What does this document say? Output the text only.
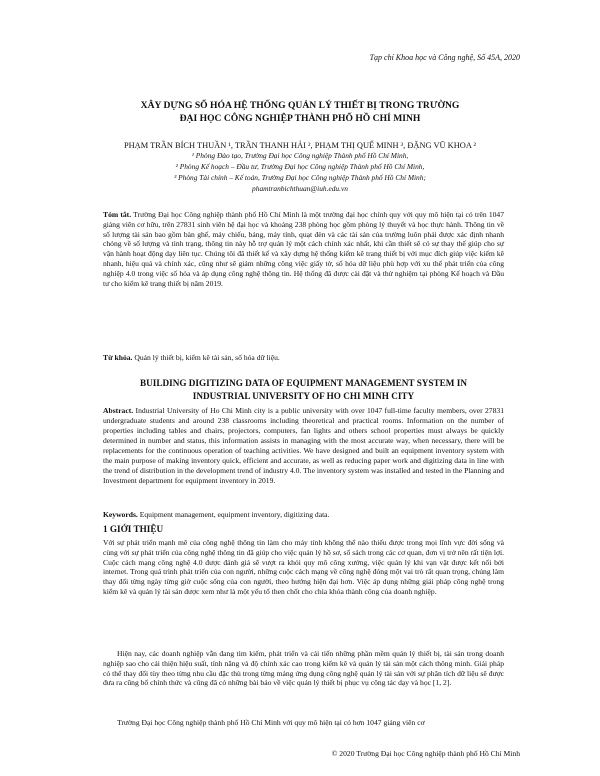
Tạp chí Khoa học và Công nghệ, Số 45A, 2020
XÂY DỰNG SỐ HÓA HỆ THỐNG QUẢN LÝ THIẾT BỊ TRONG TRƯỜNG
ĐẠI HỌC CÔNG NGHIỆP THÀNH PHỐ HỒ CHÍ MINH
PHẠM TRẦN BÍCH THUẦN ¹, TRẦN THANH HẢI ², PHẠM THỊ QUẾ MINH ³, ĐẶNG VŨ KHOA ²
¹ Phòng Đào tạo, Trường Đại học Công nghiệp Thành phố Hồ Chí Minh,
² Phòng Kế hoạch – Đầu tư, Trường Đại học Công nghiệp Thành phố Hồ Chí Minh,
³ Phòng Tài chính – Kế toán, Trường Đại học Công nghiệp Thành phố Hồ Chí Minh;
phamtranbichthuan@iuh.edu.vn
Tóm tắt. Trường Đại học Công nghiệp thành phố Hồ Chí Minh là một trường đại học chính quy với quy mô hiện tại có trên 1047 giảng viên cơ hữu, trên 27831 sinh viên hệ đại học và khoảng 238 phòng học gồm phòng lý thuyết và học thực hành. Thông tin về số lượng tài sản bao gồm bàn ghế, máy chiếu, bảng, máy tính, quạt đèn và các tài sản của trường luôn phải được xác định nhanh chóng về số lượng và tình trạng, thông tin này hỗ trợ quản lý một cách chính xác nhất, khi cần thiết sẽ có sự thay thế giúp cho sự vận hành hoạt động dạy liên tục. Chúng tôi đã thiết kế và xây dựng hệ thống kiểm kê trang thiết bị với mục đích giúp việc kiểm kê nhanh, hiệu quả và chính xác, cũng như sẽ giảm những công việc giấy tờ, số hóa dữ liệu phù hợp với xu thế phát triển của công nghiệp 4.0 trong việc số hóa và áp dụng công nghệ thông tin. Hệ thống đã được cài đặt và thử nghiệm tại phòng Kế hoạch và Đầu tư cho kiểm kê trang thiết bị năm 2019.
Từ khóa. Quản lý thiết bị, kiểm kê tài sản, số hóa dữ liệu.
BUILDING DIGITIZING DATA OF EQUIPMENT MANAGEMENT SYSTEM IN
INDUSTRIAL UNIVERSITY OF HO CHI MINH CITY
Abstract. Industrial University of Ho Chi Minh city is a public university with over 1047 full-time faculty members, over 27831 undergraduate students and around 238 classrooms including theoretical and practical rooms. Information on the number of properties including tables and chairs, projectors, computers, fan lights and others school properties must always be quickly determined in number and status, this information assists in managing with the most accurate way, when necessary, there will be replacements for the continuous operation of teaching activities. We have designed and built an equipment inventory system with the main purpose of making inventory quick, efficient and accurate, as well as reducing paper work and digitizing data in line with the trend of distribution in the development trend of industry 4.0. The inventory system was installed and tested in the Planning and Investment department for equipment inventory in 2019.
Keywords. Equipment management, equipment inventory, digitizing data.
1 GIỚI THIỆU
Với sự phát triển mạnh mẽ của công nghệ thông tin làm cho máy tính không thể nào thiếu được trong mọi lĩnh vực đời sống và cùng với sự phát triển của công nghệ thông tin đã giúp cho việc quản lý hồ sơ, sổ sách trong các cơ quan, đơn vị trở nên rất tiện lợi. Cuộc cách mạng công nghệ 4.0 được đánh giá sẽ vượt ra khỏi quy mô công xưởng, việc quản lý khi vạn vật được kết nối bởi internet. Trong quá trình phát triển của con người, những cuộc cách mạng về công nghệ đóng một vai trò rất quan trọng, chúng làm thay đổi từng ngày từng giờ cuộc sống của con người, theo hướng hiện đại hơn. Việc áp dụng những giải pháp công nghệ trong kiểm kê và quản lý tài sản được xem như là một yếu tố then chốt cho chìa khóa thành công của doanh nghiệp.
Hiện nay, các doanh nghiệp vẫn đang tìm kiếm, phát triển và cải tiến những phần mềm quản lý thiết bị, tài sản trong doanh nghiệp sao cho cải thiện hiệu suất, tính năng và độ chính xác cao trong kiểm kê và quản lý tài sản một cách thông minh. Giải pháp có thể thay đổi tùy theo từng nhu cầu đặc thù trong từng mảng ứng dụng công nghệ quản lý tài sản với sự phân tích dữ liệu sẽ được đưa ra cũng bổ chính thức và cũng đã có những bài báo về việc quản lý thiết bị phục vụ công tác dạy và học [1, 2].
Trường Đại học Công nghiệp thành phố Hồ Chí Minh với quy mô hiện tại có hơn 1047 giảng viên cơ
© 2020 Trường Đại học Công nghiệp thành phố Hồ Chí Minh
